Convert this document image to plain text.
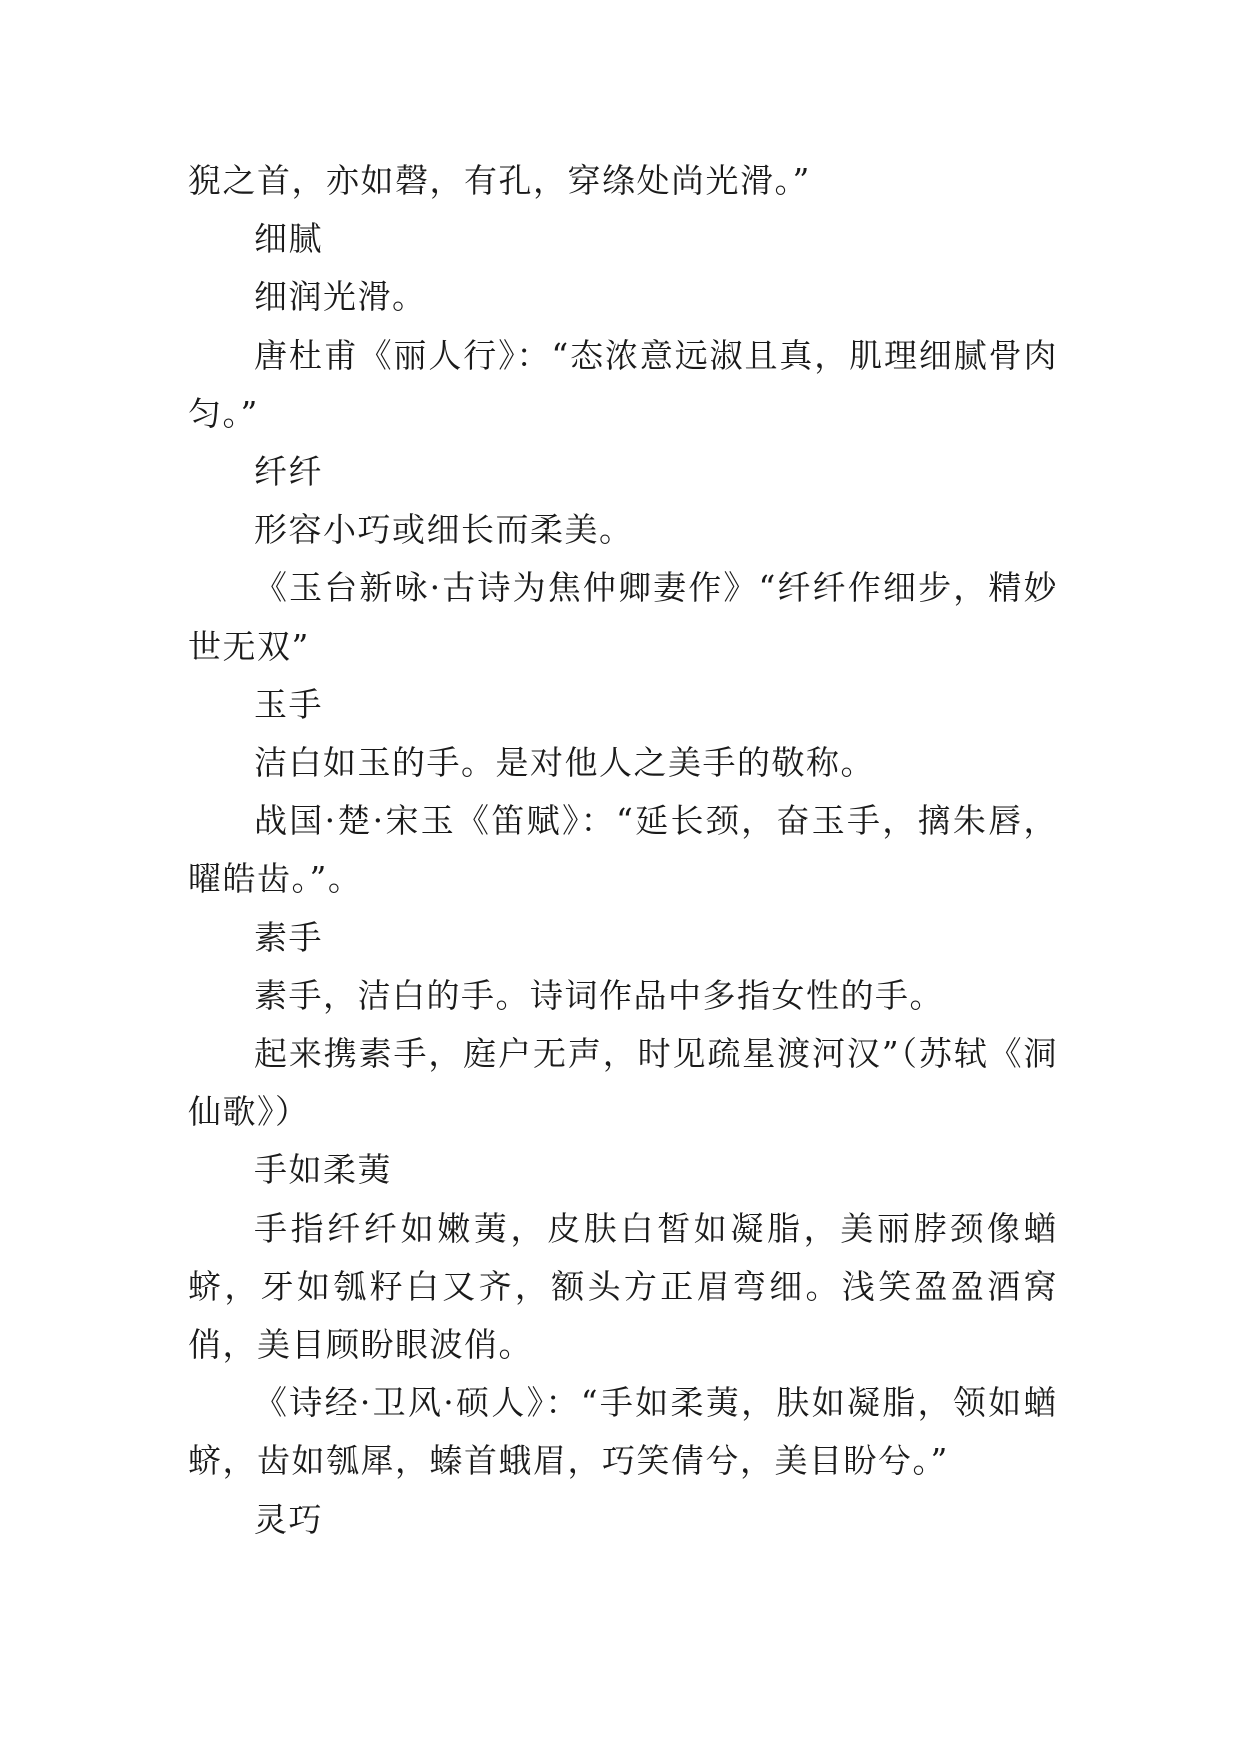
猊之首，亦如磬，有孔，穿绦处尚光滑。”

细腻

细润光滑。

唐杜甫《丽人行》：“态浓意远淑且真，肌理细腻骨肉匀。”

纤纤

形容小巧或细长而柔美。

《玉台新咏·古诗为焦仲卿妻作》“纤纤作细步，精妙世无双”

玉手

洁白如玉的手。是对他人之美手的敬称。

战国·楚·宋玉《笛赋》：“延长颈，奋玉手，摛朱唇，曜皓齿。”。

素手

素手，洁白的手。诗词作品中多指女性的手。

起来携素手，庭户无声，时见疏星渡河汉”（苏轼《洞仙歌》）

手如柔荑

手指纤纤如嫩荑，皮肤白皙如凝脂，美丽脖颈像蝤蛴，牙如瓠籽白又齐，额头方正眉弯细。浅笑盈盈酒窝俏，美目顾盼眼波俏。

《诗经·卫风·硕人》：“手如柔荑，肤如凝脂，领如蝤蛴，齿如瓠犀，螓首蛾眉，巧笑倩兮，美目盼兮。”

灵巧
